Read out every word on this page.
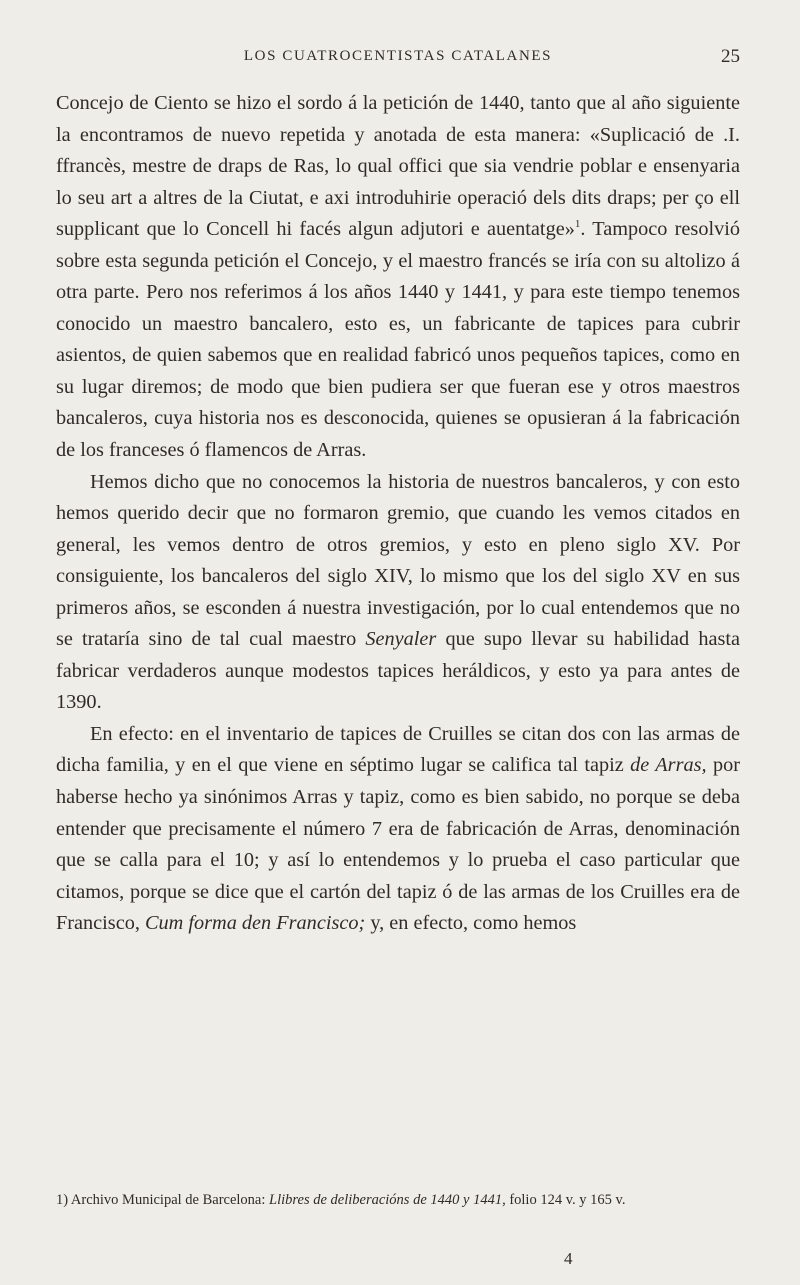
LOS CUATROCENTISTAS CATALANES	25

Concejo de Ciento se hizo el sordo á la petición de 1440, tanto que al año siguiente la encontramos de nuevo repetida y anotada de esta manera: «Suplicació de .I. ffrancès, mestre de draps de Ras, lo qual offici que sia vendrie poblar e ensenyaria lo seu art a altres de la Ciutat, e axi introduhirie operació dels dits draps; per ço ell supplicant que lo Concell hi facés algun adjutori e auentatge»$^1$. Tampoco resolvió sobre esta segunda petición el Concejo, y el maestro francés se iría con su altolizo á otra parte. Pero nos referimos á los años 1440 y 1441, y para este tiempo tenemos conocido un maestro bancalero, esto es, un fabricante de tapices para cubrir asientos, de quien sabemos que en realidad fabricó unos pequeños tapices, como en su lugar diremos; de modo que bien pudiera ser que fueran ese y otros maestros bancaleros, cuya historia nos es desconocida, quienes se opusieran á la fabricación de los franceses ó flamencos de Arras.

Hemos dicho que no conocemos la historia de nuestros bancaleros, y con esto hemos querido decir que no formaron gremio, que cuando les vemos citados en general, les vemos dentro de otros gremios, y esto en pleno siglo XV. Por consiguiente, los bancaleros del siglo XIV, lo mismo que los del siglo XV en sus primeros años, se esconden á nuestra investigación, por lo cual entendemos que no se trataría sino de tal cual maestro Senyaler que supo llevar su habilidad hasta fabricar verdaderos aunque modestos tapices heráldicos, y esto ya para antes de 1390.

En efecto: en el inventario de tapices de Cruilles se citan dos con las armas de dicha familia, y en el que viene en séptimo lugar se califica tal tapiz de Arras, por haberse hecho ya sinónimos Arras y tapiz, como es bien sabido, no porque se deba entender que precisamente el número 7 era de fabricación de Arras, denominación que se calla para el 10; y así lo entendemos y lo prueba el caso particular que citamos, porque se dice que el cartón del tapiz ó de las armas de los Cruilles era de Francisco, Cum forma den Francisco; y, en efecto, como hemos

1) Archivo Municipal de Barcelona: Llibres de deliberacións de 1440 y 1441, folio 124 v. y 165 v.
4
